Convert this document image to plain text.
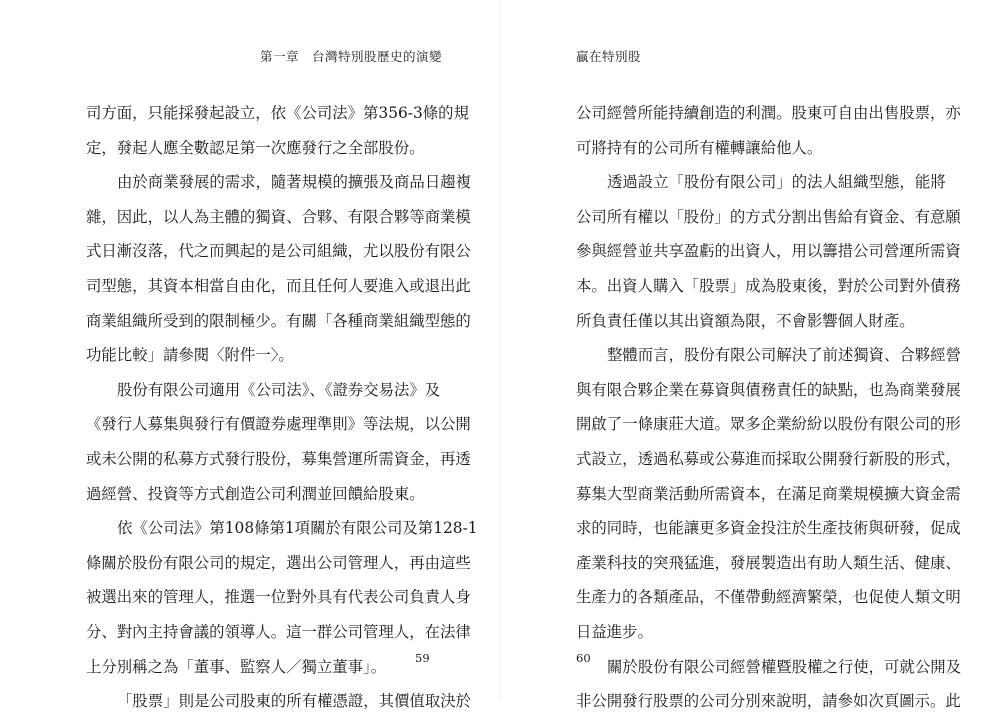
第一章　台灣特別股歷史的演變
司方面，只能採發起設立，依《公司法》第356-3條的規
定，發起人應全數認足第一次應發行之全部股份。
由於商業發展的需求，隨著規模的擴張及商品日趨複
雜，因此，以人為主體的獨資、合夥、有限合夥等商業模
式日漸沒落，代之而興起的是公司組織，尤以股份有限公
司型態，其資本相當自由化，而且任何人要進入或退出此
商業組織所受到的限制極少。有關「各種商業組織型態的
功能比較」請參閱〈附件一〉。
股份有限公司適用《公司法》、《證券交易法》及
《發行人募集與發行有價證券處理準則》等法規，以公開
或未公開的私募方式發行股份，募集營運所需資金，再透
過經營、投資等方式創造公司利潤並回饋給股東。
依《公司法》第108條第1項關於有限公司及第128-1
條關於股份有限公司的規定，選出公司管理人，再由這些
被選出來的管理人，推選一位對外具有代表公司負責人身
分、對內主持會議的領導人。這一群公司管理人，在法律
上分別稱之為「董事、監察人／獨立董事」。
「股票」則是公司股東的所有權憑證，其價值取決於
59
贏在特別股
公司經營所能持續創造的利潤。股東可自由出售股票，亦
可將持有的公司所有權轉讓給他人。
透過設立「股份有限公司」的法人組織型態，能將
公司所有權以「股份」的方式分割出售給有資金、有意願
參與經營並共享盈虧的出資人，用以籌措公司營運所需資
本。出資人購入「股票」成為股東後，對於公司對外債務
所負責任僅以其出資額為限，不會影響個人財產。
整體而言，股份有限公司解決了前述獨資、合夥經營
與有限合夥企業在募資與債務責任的缺點，也為商業發展
開啟了一條康莊大道。眾多企業紛紛以股份有限公司的形
式設立，透過私募或公募進而採取公開發行新股的形式，
募集大型商業活動所需資本，在滿足商業規模擴大資金需
求的同時，也能讓更多資金投注於生產技術與研發，促成
產業科技的突飛猛進，發展製造出有助人類生活、健康、
生產力的各類產品，不僅帶動經濟繁榮，也促使人類文明
日益進步。
關於股份有限公司經營權暨股權之行使，可就公開及
非公開發行股票的公司分別來說明，請參如次頁圖示。此
60
